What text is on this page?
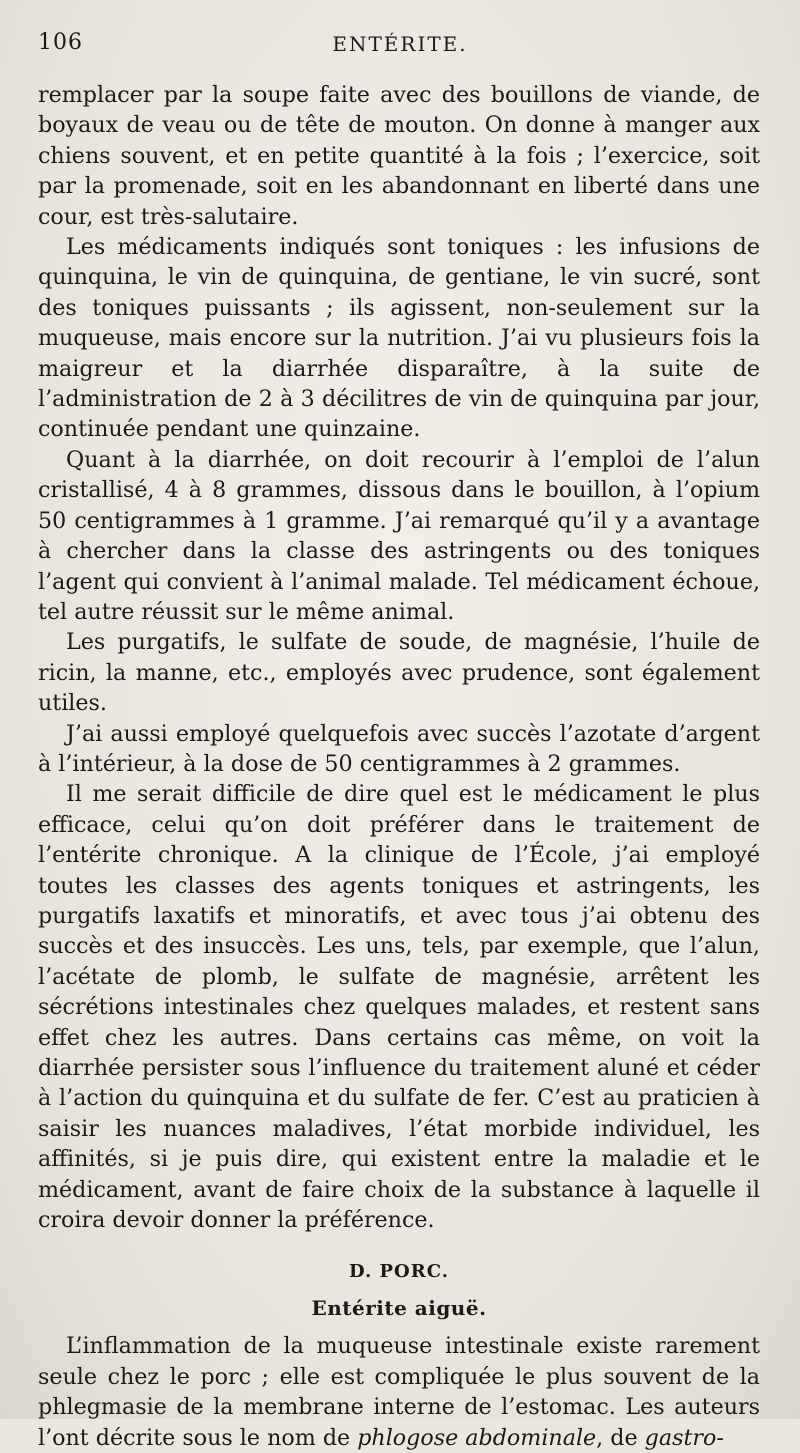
106	ENTÉRITE.

remplacer par la soupe faite avec des bouillons de viande, de boyaux de veau ou de tête de mouton. On donne à manger aux chiens souvent, et en petite quantité à la fois ; l’exercice, soit par la promenade, soit en les abandonnant en liberté dans une cour, est très-salutaire.

Les médicaments indiqués sont toniques : les infusions de quinquina, le vin de quinquina, de gentiane, le vin sucré, sont des toniques puissants ; ils agissent, non-seulement sur la muqueuse, mais encore sur la nutrition. J’ai vu plusieurs fois la maigreur et la diarrhée disparaître, à la suite de l’administration de 2 à 3 décilitres de vin de quinquina par jour, continuée pendant une quinzaine.

Quant à la diarrhée, on doit recourir à l’emploi de l’alun cristallisé, 4 à 8 grammes, dissous dans le bouillon, à l’opium 50 centigrammes à 1 gramme. J’ai remarqué qu’il y a avantage à chercher dans la classe des astringents ou des toniques l’agent qui convient à l’animal malade. Tel médicament échoue, tel autre réussit sur le même animal.

Les purgatifs, le sulfate de soude, de magnésie, l’huile de ricin, la manne, etc., employés avec prudence, sont également utiles.

J’ai aussi employé quelquefois avec succès l’azotate d’argent à l’intérieur, à la dose de 50 centigrammes à 2 grammes.

Il me serait difficile de dire quel est le médicament le plus efficace, celui qu’on doit préférer dans le traitement de l’entérite chronique. A la clinique de l’École, j’ai employé toutes les classes des agents toniques et astringents, les purgatifs laxatifs et minoratifs, et avec tous j’ai obtenu des succès et des insuccès. Les uns, tels, par exemple, que l’alun, l’acétate de plomb, le sulfate de magnésie, arrêtent les sécrétions intestinales chez quelques malades, et restent sans effet chez les autres. Dans certains cas même, on voit la diarrhée persister sous l’influence du traitement aluné et céder à l’action du quinquina et du sulfate de fer. C’est au praticien à saisir les nuances maladives, l’état morbide individuel, les affinités, si je puis dire, qui existent entre la maladie et le médicament, avant de faire choix de la substance à laquelle il croira devoir donner la préférence.

D. PORC.
Entérite aiguë.

L’inflammation de la muqueuse intestinale existe rarement seule chez le porc ; elle est compliquée le plus souvent de la phlegmasie de la membrane interne de l’estomac. Les auteurs l’ont décrite sous le nom de phlogose abdominale, de gastro-
